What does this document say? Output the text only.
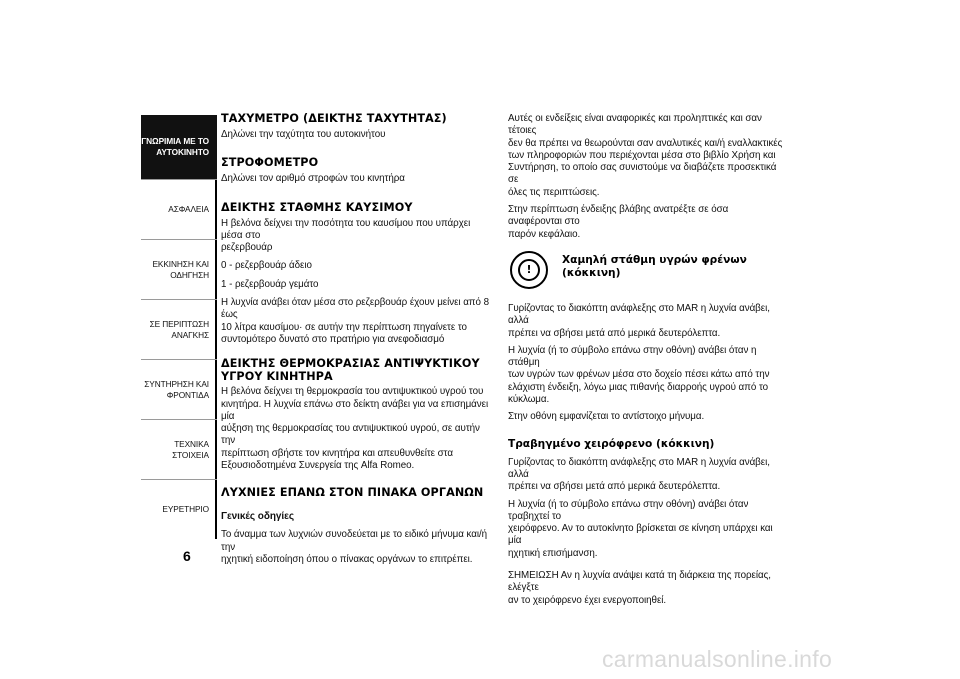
ΓΝΩΡΙΜΙΑ ΜΕ ΤΟ
ΑΥΤΟΚΙΝΗΤΟ
ΑΣΦΑΛΕΙΑ
ΕΚΚΙΝΗΣΗ ΚΑΙ
ΟΔΗΓΗΣΗ
ΣΕ ΠΕΡΙΠΤΩΣΗ
ΑΝΑΓΚΗΣ
ΣΥΝΤΗΡΗΣΗ ΚΑΙ
ΦΡΟΝΤΙΔΑ
ΤΕΧΝΙΚΑ ΣΤΟΙΧΕΙΑ
ΕΥΡΕΤΗΡΙΟ
6
ΤΑΧΥΜΕΤΡΟ (ΔΕΙΚΤΗΣ ΤΑΧΥΤΗΤΑΣ)

Δηλώνει την ταχύτητα του αυτοκινήτου

ΣΤΡΟΦΟΜΕΤΡΟ

Δηλώνει τον αριθμό στροφών του κινητήρα

ΔΕΙΚΤΗΣ ΣΤΑΘΜΗΣ ΚΑΥΣΙΜΟΥ

Η βελόνα δείχνει την ποσότητα του καυσίμου που υπάρχει μέσα στο

ρεζερβουάρ

0 - ρεζερβουάρ άδειο

1 - ρεζερβουάρ γεμάτο

Η λυχνία ανάβει όταν μέσα στο ρεζερβουάρ έχουν μείνει από 8 έως

10 λίτρα καυσίμου· σε αυτήν την περίπτωση πηγαίνετε το

συντομότερο δυνατό στο πρατήριο για ανεφοδιασμό

ΔΕΙΚΤΗΣ ΘΕΡΜΟΚΡΑΣΙΑΣ ΑΝΤΙΨΥΚΤΙΚΟΥ
ΥΓΡΟΥ ΚΙΝΗΤΗΡΑ

Η βελόνα δείχνει τη θερμοκρασία του αντιψυκτικού υγρού του

κινητήρα. Η λυχνία επάνω στο δείκτη ανάβει για να επισημάνει μία

αύξηση της θερμοκρασίας του αντιψυκτικού υγρού, σε αυτήν την

περίπτωση σβήστε τον κινητήρα και απευθυνθείτε στα

Εξουσιοδοτημένα Συνεργεία της Alfa Romeo.

ΛΥΧΝΙΕΣ ΕΠΑΝΩ ΣΤΟΝ ΠΙΝΑΚΑ ΟΡΓΑΝΩΝ

Γενικές οδηγίες

Το άναμμα των λυχνιών συνοδεύεται με το ειδικό μήνυμα και/ή την

ηχητική ειδοποίηση όπου ο πίνακας οργάνων το επιτρέπει.

Αυτές οι ενδείξεις είναι αναφορικές και προληπτικές και σαν τέτοιες

δεν θα πρέπει να θεωρούνται σαν αναλυτικές και/ή εναλλακτικές

των πληροφοριών που περιέχονται μέσα στο βιβλίο Χρήση και

Συντήρηση, το οποίο σας συνιστούμε να διαβάζετε προσεκτικά σε

όλες τις περιπτώσεις.

Στην περίπτωση ένδειξης βλάβης ανατρέξτε σε όσα αναφέρονται στο

παρόν κεφάλαιο.

!
Χαμηλή στάθμη υγρών φρένων
(κόκκινη)

Γυρίζοντας το διακόπτη ανάφλεξης στο MAR η λυχνία ανάβει, αλλά

πρέπει να σβήσει μετά από μερικά δευτερόλεπτα.

Η λυχνία (ή το σύμβολο επάνω στην οθόνη) ανάβει όταν η στάθμη

των υγρών των φρένων μέσα στο δοχείο πέσει κάτω από την

ελάχιστη ένδειξη, λόγω μιας πιθανής διαρροής υγρού από το

κύκλωμα.

Στην οθόνη εμφανίζεται το αντίστοιχο μήνυμα.

Τραβηγμένο χειρόφρενο (κόκκινη)

Γυρίζοντας το διακόπτη ανάφλεξης στο MAR η λυχνία ανάβει, αλλά

πρέπει να σβήσει μετά από μερικά δευτερόλεπτα.

Η λυχνία (ή το σύμβολο επάνω στην οθόνη) ανάβει όταν τραβηχτεί το

χειρόφρενο. Αν το αυτοκίνητο βρίσκεται σε κίνηση υπάρχει και μία

ηχητική επισήμανση.

ΣΗΜΕΙΩΣΗ Αν η λυχνία ανάψει κατά τη διάρκεια της πορείας, ελέγξτε

αν το χειρόφρενο έχει ενεργοποιηθεί.

carmanualsonline.info
